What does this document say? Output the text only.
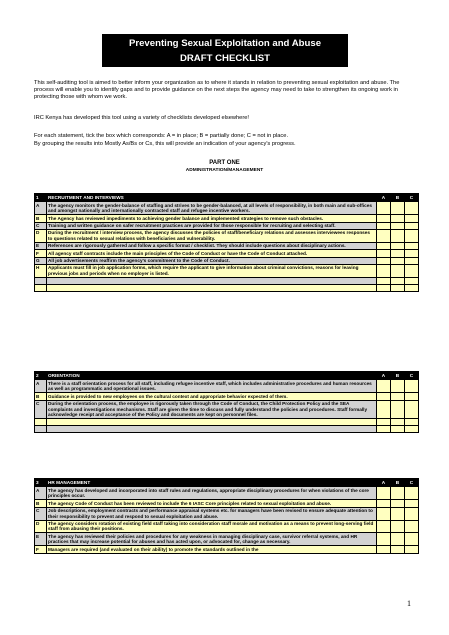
Preventing Sexual Exploitation and Abuse
DRAFT CHECKLIST

This self-auditing tool is aimed to better inform your organization as to where it stands in relation to preventing sexual exploitation and abuse. The process will enable you to identify gaps and to provide guidance on the next steps the agency may need to take to strengthen its ongoing work in protecting those with whom we work.

IRC Kenya has developed this tool using a variety of checklists developed elsewhere!

For each statement, tick the box which corresponds: A = in place; B = partially done; C = not in place.

By grouping the results into Mostly As/Bs or Cs, this will provide an indication of your agency's progress.

PART ONE
ADMINISTRATION/MANAGEMENT
1	RECRUITMENT AND INTERVIEWS	A	B	C
A	The agency monitors the gender-balance of staffing and strives to be gender-balanced, at all levels of responsibility, in both main and sub-offices and amongst nationally and internationally contracted staff and refugee incentive workers.			
B	The Agency has reviewed impediments to achieving gender balance and implemented strategies to remove such obstacles.			
C	Training and written guidance on safer recruitment practices are provided for those responsible for recruiting and selecting staff.			
D	During the recruitment / interview process, the agency discusses the policies of staff/beneficiary relations and assesses interviewees responses to questions related to sexual relations with beneficiaries and vulnerability.			
E	References are rigorously gathered and follow a specific format / checklist. They should include questions about disciplinary actions.			
F	All agency staff contracts include the main principles of the Code of Conduct or have the Code of Conduct attached.			
G	All job advertisements reaffirm the agency's commitment to the Code of Conduct.			
H	Applicants must fill in job application forms, which require the applicant to give information about criminal convictions, reasons for leaving previous jobs and periods when no employer is listed.			

2	ORIENTATION	A	B	C
A	There is a staff orientation process for all staff, including refugee incentive staff, which includes administrative procedures and human resources as well as programmatic and operational issues.			
B	Guidance is provided to new employees on the cultural context and appropriate behavior expected of them.			
C	During the orientation process, the employee is rigorously taken through the Code of Conduct, the Child Protection Policy and the SEA complaints and investigations mechanisms. Staff are given the time to discuss and fully understand the policies and procedures. Staff formally acknowledge receipt and acceptance of the Policy and documents are kept on personnel files.			

3	HR MANAGEMENT	A	B	C
A	The agency has developed and incorporated into staff rules and regulations, appropriate disciplinary procedures for when violations of the core principles occur.			
B	The agency Code of Conduct has been reviewed to include the 6 IASC Core principles related to sexual exploitation and abuse.			
C	Job descriptions, employment contracts and performance appraisal systems etc. for managers have been revised to ensure adequate attention to their responsibility to prevent and respond to sexual exploitation and abuse.			
D	The agency considers rotation of existing field staff taking into consideration staff morale and motivation as a means to prevent long-serving field staff from abusing their positions.			
E	The agency has reviewed their policies and procedures for any weakness in managing disciplinary case, survivor referral systems, and HR practices that may increase potential for abuses and has acted upon, or advocated for, change as necessary.			
F	Managers are required (and evaluated on their ability) to promote the standards outlined in the			
1
